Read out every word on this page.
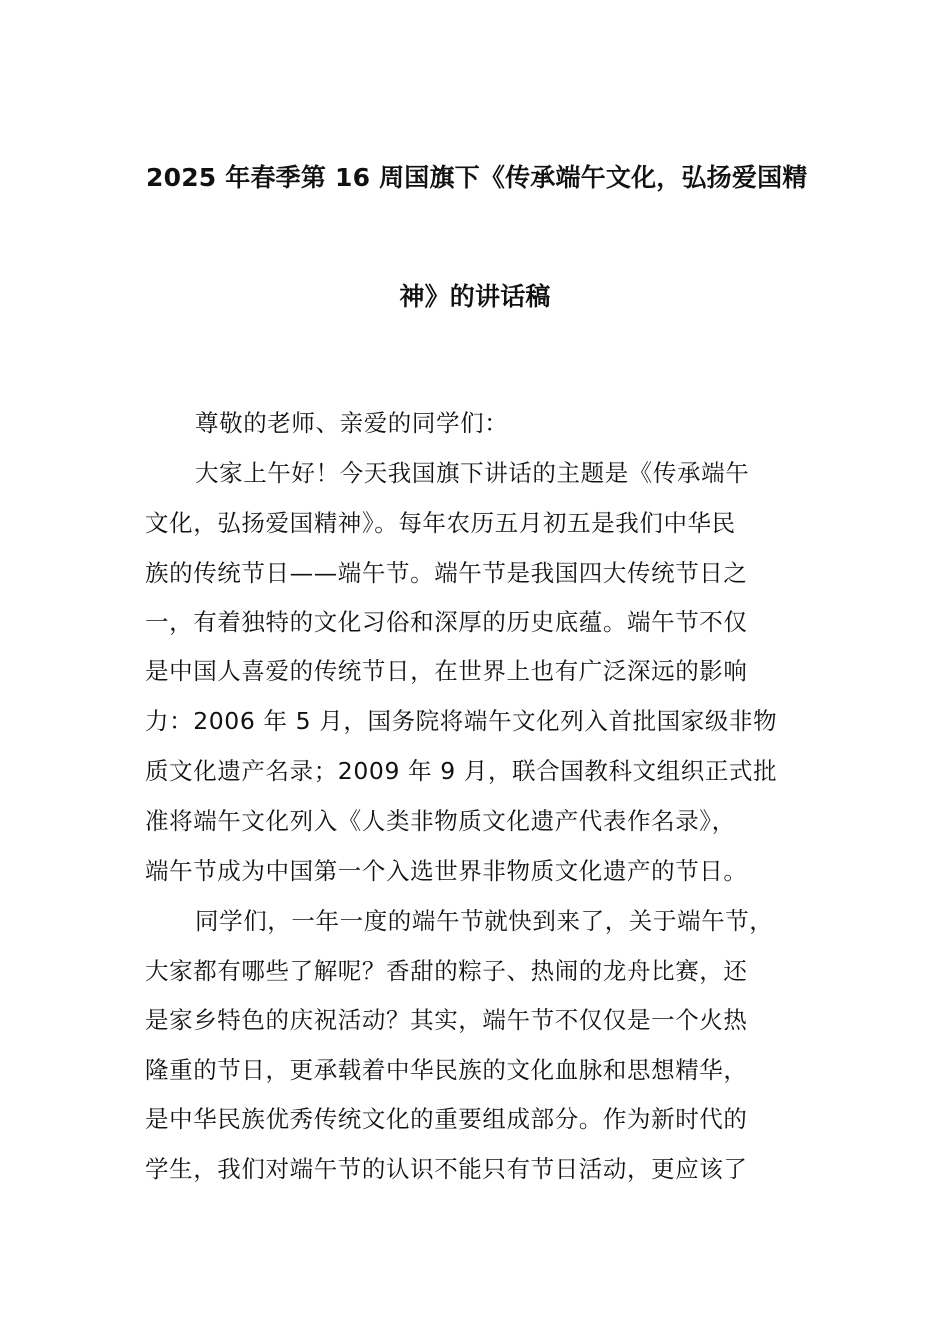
2025 年春季第 16 周国旗下《传承端午文化，弘扬爱国精
神》的讲话稿
尊敬的老师、亲爱的同学们：
大家上午好！今天我国旗下讲话的主题是《传承端午
文化，弘扬爱国精神》。每年农历五月初五是我们中华民
族的传统节日——端午节。端午节是我国四大传统节日之
一，有着独特的文化习俗和深厚的历史底蕴。端午节不仅
是中国人喜爱的传统节日，在世界上也有广泛深远的影响
力：2006 年 5 月，国务院将端午文化列入首批国家级非物
质文化遗产名录；2009 年 9 月，联合国教科文组织正式批
准将端午文化列入《人类非物质文化遗产代表作名录》，
端午节成为中国第一个入选世界非物质文化遗产的节日。
同学们，一年一度的端午节就快到来了，关于端午节，
大家都有哪些了解呢？香甜的粽子、热闹的龙舟比赛，还
是家乡特色的庆祝活动？其实，端午节不仅仅是一个火热
隆重的节日，更承载着中华民族的文化血脉和思想精华，
是中华民族优秀传统文化的重要组成部分。作为新时代的
学生，我们对端午节的认识不能只有节日活动，更应该了
